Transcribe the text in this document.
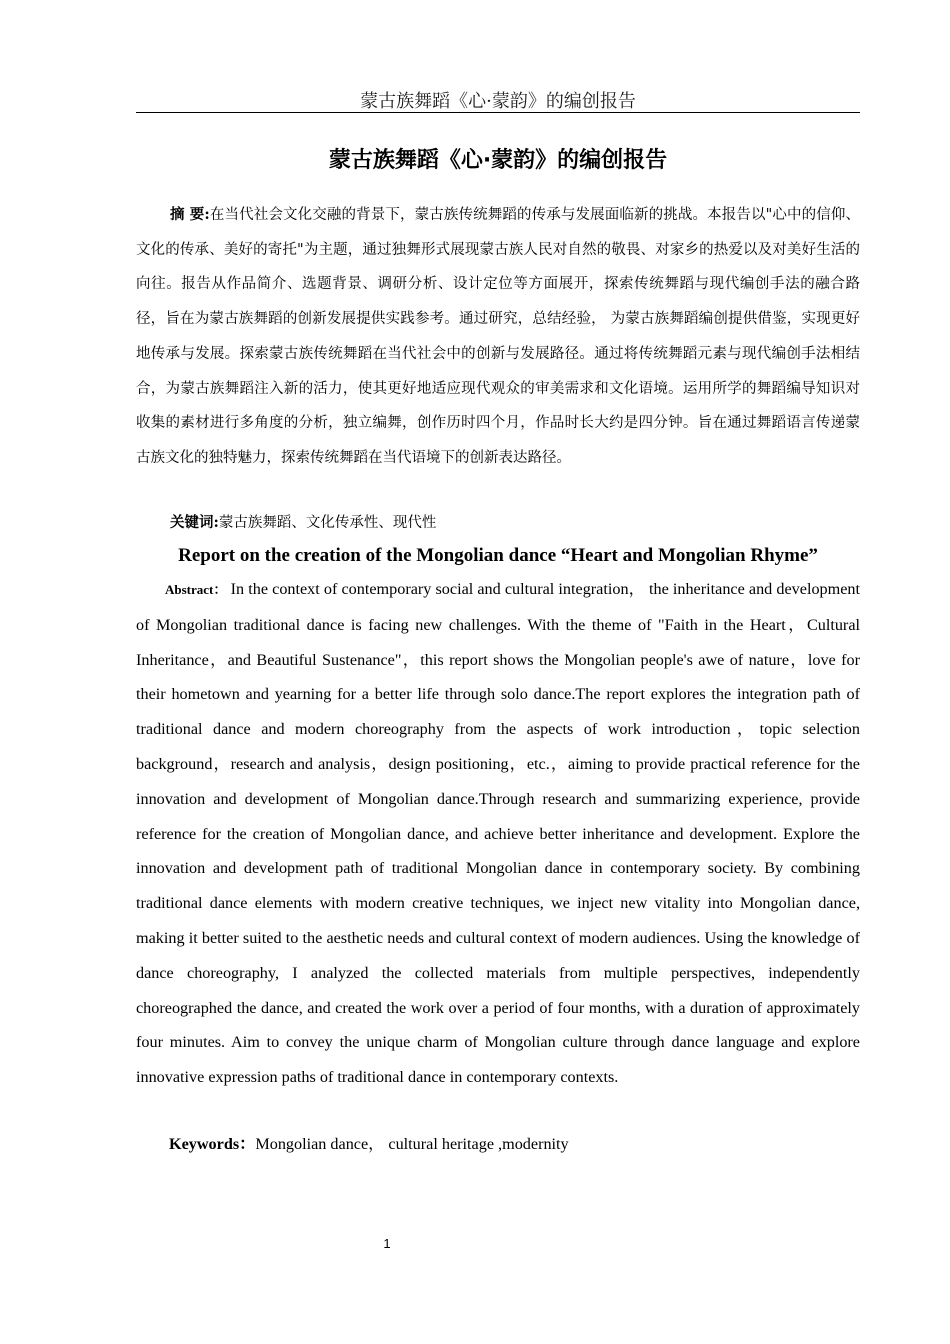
蒙古族舞蹈《心·蒙韵》的编创报告
蒙古族舞蹈《心·蒙韵》的编创报告

摘 要:在当代社会文化交融的背景下，蒙古族传统舞蹈的传承与发展面临新的挑战。本报告以"心中的信仰、文化的传承、美好的寄托"为主题，通过独舞形式展现蒙古族人民对自然的敬畏、对家乡的热爱以及对美好生活的向往。报告从作品简介、选题背景、调研分析、设计定位等方面展开，探索传统舞蹈与现代编创手法的融合路径，旨在为蒙古族舞蹈的创新发展提供实践参考。通过研究，总结经验， 为蒙古族舞蹈编创提供借鉴，实现更好地传承与发展。探索蒙古族传统舞蹈在当代社会中的创新与发展路径。通过将传统舞蹈元素与现代编创手法相结合，为蒙古族舞蹈注入新的活力，使其更好地适应现代观众的审美需求和文化语境。运用所学的舞蹈编导知识对收集的素材进行多角度的分析，独立编舞，创作历时四个月，作品时长大约是四分钟。旨在通过舞蹈语言传递蒙古族文化的独特魅力，探索传统舞蹈在当代语境下的创新表达路径。

关键词:蒙古族舞蹈、文化传承性、现代性
Report on the creation of the Mongolian dance “Heart and Mongolian Rhyme”

Abstract： In the context of contemporary social and cultural integration， the inheritance and development of Mongolian traditional dance is facing new challenges. With the theme of "Faith in the Heart，Cultural Inheritance，and Beautiful Sustenance"，this report shows the Mongolian people's awe of nature，love for their hometown and yearning for a better life through solo dance.The report explores the integration path of traditional dance and modern choreography from the aspects of work introduction，topic selection background，research and analysis，design positioning，etc.，aiming to provide practical reference for the innovation and development of Mongolian dance.Through research and summarizing experience, provide reference for the creation of Mongolian dance, and achieve better inheritance and development. Explore the innovation and development path of traditional Mongolian dance in contemporary society. By combining traditional dance elements with modern creative techniques, we inject new vitality into Mongolian dance, making it better suited to the aesthetic needs and cultural context of modern audiences. Using the knowledge of dance choreography, I analyzed the collected materials from multiple perspectives, independently choreographed the dance, and created the work over a period of four months, with a duration of approximately four minutes. Aim to convey the unique charm of Mongolian culture through dance language and explore innovative expression paths of traditional dance in contemporary contexts.

Keywords：Mongolian dance， cultural heritage ,modernity
1
